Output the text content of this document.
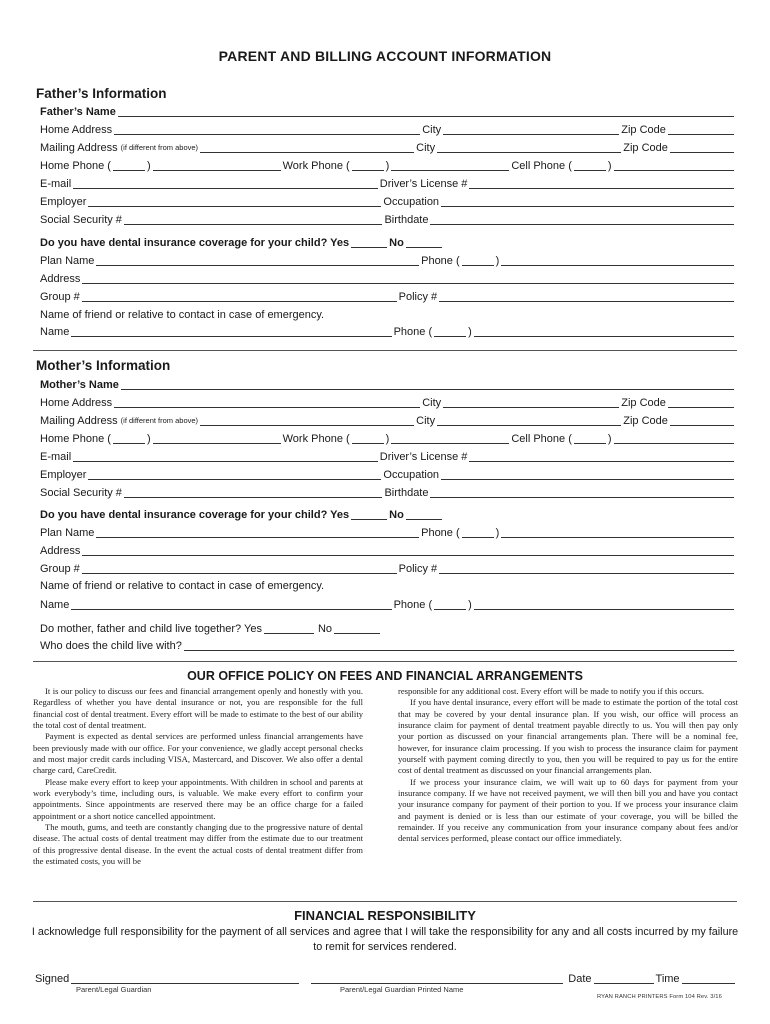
PARENT AND BILLING ACCOUNT INFORMATION
Father’s Information
Father’s Name
Home Address	City	Zip Code
Mailing Address (if different from above)	City	Zip Code
Home Phone (	)	Work Phone (	)	Cell Phone (	)
E-mail	Driver’s License #
Employer	Occupation
Social Security #	Birthdate
Do you have dental insurance coverage for your child? Yes	No
Plan Name	Phone (	)
Address
Group #	Policy #
Name of friend or relative to contact in case of emergency.
Name	Phone (	)
Mother’s Information
Mother’s Name
Home Address	City	Zip Code
Mailing Address (if different from above)	City	Zip Code
Home Phone (	)	Work Phone (	)	Cell Phone (	)
E-mail	Driver’s License #
Employer	Occupation
Social Security #	Birthdate
Do you have dental insurance coverage for your child? Yes	No
Plan Name	Phone (	)
Address
Group #	Policy #
Name of friend or relative to contact in case of emergency.
Name	Phone (	)
Do mother, father and child live together? Yes	No
Who does the child live with?
OUR OFFICE POLICY ON FEES AND FINANCIAL ARRANGEMENTS

It is our policy to discuss our fees and financial arrangement openly and honestly with you. Regardless of whether you have dental insurance or not, you are responsible for the full financial cost of dental treatment. Every effort will be made to estimate to the best of our ability the total cost of dental treatment.

Payment is expected as dental services are performed unless financial arrangements have been previously made with our office. For your convenience, we gladly accept personal checks and most major credit cards including VISA, Mastercard, and Discover. We also offer a dental charge card, CareCredit.

Please make every effort to keep your appointments. With children in school and parents at work everybody’s time, including ours, is valuable. We make every effort to confirm your appointments. Since appointments are reserved there may be an office charge for a failed appointment or a short notice cancelled appointment.

The mouth, gums, and teeth are constantly changing due to the progressive nature of dental disease. The actual costs of dental treatment may differ from the estimate due to our treatment of this progressive dental disease. In the event the actual costs of dental treatment differ from the estimated costs, you will be

responsible for any additional cost. Every effort will be made to notify you if this occurs.

If you have dental insurance, every effort will be made to estimate the portion of the total cost that may be covered by your dental insurance plan. If you wish, our office will process an insurance claim for payment of dental treatment payable directly to us. You will then pay only your portion as discussed on your financial arrangements plan. There will be a nominal fee, however, for insurance claim processing. If you wish to process the insurance claim for payment yourself with payment coming directly to you, then you will be required to pay us for the entire cost of dental treatment as discussed on your financial arrangements plan.

If we process your insurance claim, we will wait up to 60 days for payment from your insurance company. If we have not received payment, we will then bill you and have you contact your insurance company for payment of their portion to you. If we process your insurance claim and payment is denied or is less than our estimate of your coverage, you will be billed the remainder. If you receive any communication from your insurance company about fees and/or dental services performed, please contact our office immediately.

FINANCIAL RESPONSIBILITY
I acknowledge full responsibility for the payment of all services and agree that I will take the responsibility for any and all costs incurred by my failure to remit for services rendered.
Signed	Date	Time
Parent/Legal Guardian	Parent/Legal Guardian Printed Name
RYAN RANCH PRINTERS Form 104 Rev. 3/16
